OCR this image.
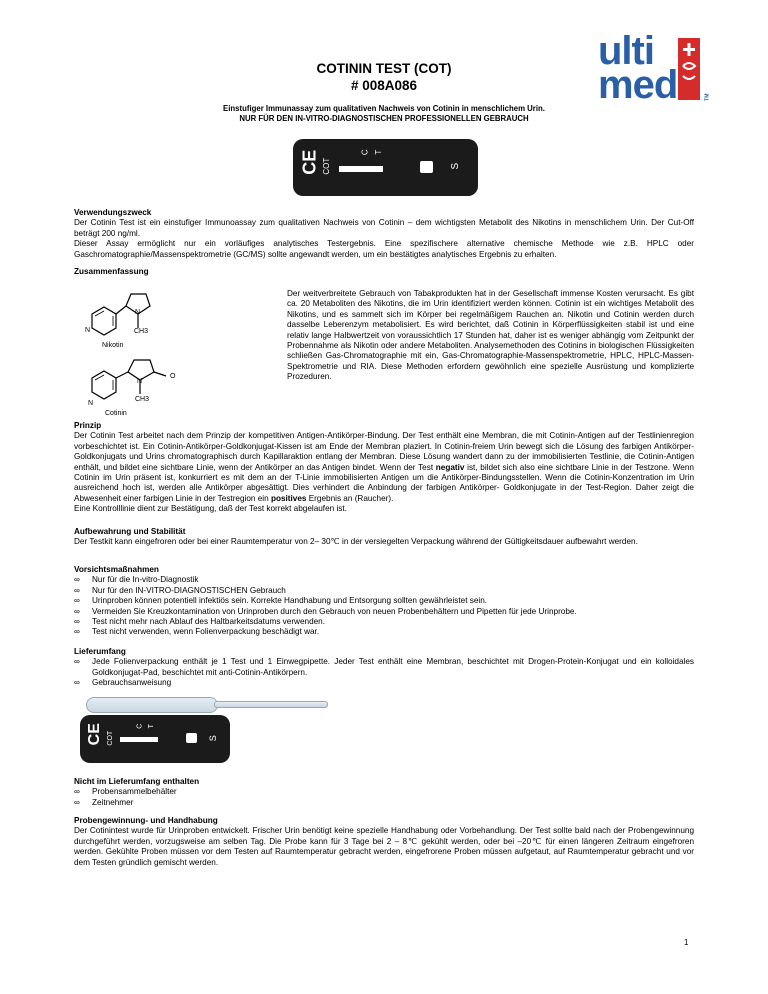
COTININ TEST (COT)
# 008A086
ulti
med	TM
Einstufiger Immunassay zum qualitativen Nachweis von Cotinin in menschlichem Urin.
NUR FÜR DEN IN-VITRO-DIAGNOSTISCHEN PROFESSIONELLEN GEBRAUCH
CE COT
C T
S
Verwendungszweck
Der Cotinin Test ist ein einstufiger Immunoassay zum qualitativen Nachweis von Cotinin – dem wichtigsten Metabolit des Nikotins in menschlichem Urin. Der Cut-Off beträgt 200 ng/ml.
Dieser Assay ermöglicht nur ein vorläufiges analytisches Testergebnis. Eine spezifischere alternative chemische Methode wie z.B. HPLC oder Gaschromatographie/Massenspektrometrie (GC/MS) sollte angewandt werden, um ein bestätigtes analytisches Ergebnis zu erhalten.
Zusammenfassung
Der weitverbreitete Gebrauch von Tabakprodukten hat in der Gesellschaft immense Kosten verursacht. Es gibt ca. 20 Metaboliten des Nikotins, die im Urin identifiziert werden können. Cotinin ist ein wichtiges Metabolit des Nikotins, und es sammelt sich im Körper bei regelmäßigem Rauchen an. Nikotin und Cotinin werden durch dasselbe Leberenzym metabolisiert. Es wird berichtet, daß Cotinin in Körperflüssigkeiten stabil ist und eine relativ lange Halbwertzeit von voraussichtlich 17 Stunden hat, daher ist es weniger abhängig vom Zeitpunkt der Probennahme als Nikotin oder andere Metaboliten. Analysemethoden des Cotinins in biologischen Flüssigkeiten schließen Gas-Chromatographie mit ein, Gas-Chromatographie-Massenspektrometrie, HPLC, HPLC-Massen-Spektrometrie und RIA. Diese Methoden erfordern gewöhnlich eine spezielle Ausrüstung und komplizierte Prozeduren.
N
N
CH3
Nikotin
O
N
N
CH3
Cotinin
Prinzip
Der Cotinin Test arbeitet nach dem Prinzip der kompetitiven Antigen-Antikörper-Bindung. Der Test enthält eine Membran, die mit Cotinin-Antigen auf der Testlinienregion vorbeschichtet ist. Ein Cotinin-Antikörper-Goldkonjugat-Kissen ist am Ende der Membran plaziert. In Cotinin-freiem Urin bewegt sich die Lösung des farbigen Antikörper-Goldkonjugats und Urins chromatographisch durch Kapillaraktion entlang der Membran. Diese Lösung wandert dann zu der immobilisierten Testlinie, die Cotinin-Antigen enthält, und bildet eine sichtbare Linie, wenn der Antikörper an das Antigen bindet. Wenn der Test negativ ist, bildet sich also eine sichtbare Linie in der Testzone. Wenn Cotinin im Urin präsent ist, konkurriert es mit dem an der T-Linie immobilisierten Antigen um die Antikörper-Bindungsstellen. Wenn die Cotinin-Konzentration im Urin ausreichend hoch ist, werden alle Antikörper abgesättigt. Dies verhindert die Anbindung der farbigen Antikörper- Goldkonjugate in der Test-Region. Daher zeigt die Abwesenheit einer farbigen Linie in der Testregion ein positives Ergebnis an (Raucher).
Eine Kontrolllinie dient zur Bestätigung, daß der Test korrekt abgelaufen ist.
Aufbewahrung und Stabilität
Der Testkit kann eingefroren oder bei einer Raumtemperatur von 2– 30℃ in der versiegelten Verpackung während der Gültigkeitsdauer aufbewahrt werden.
Vorsichtsmaßnahmen
∞ Nur für die In-vitro-Diagnostik
∞ Nur für den IN-VITRO-DIAGNOSTISCHEN Gebrauch
∞ Urinproben können potentiell infektiös sein. Korrekte Handhabung und Entsorgung sollten gewährleistet sein.
∞ Vermeiden Sie Kreuzkontamination von Urinproben durch den Gebrauch von neuen Probenbehältern und Pipetten für jede Urinprobe.
∞ Test nicht mehr nach Ablauf des Haltbarkeitsdatums verwenden.
∞ Test nicht verwenden, wenn Folienverpackung beschädigt war.
Lieferumfang
∞ Jede Folienverpackung enthält je 1 Test und 1 Einwegpipette. Jeder Test enthält eine Membran, beschichtet mit Drogen-Protein-Konjugat und ein kolloidales Goldkonjugat-Pad, beschichtet mit anti-Cotinin-Antikörpern.
∞ Gebrauchsanweisung
CE COT
C T
S
Nicht im Lieferumfang enthalten
∞ Probensammelbehälter
∞ Zeitnehmer
Probengewinnung- und Handhabung
Der Cotinintest wurde für Urinproben entwickelt. Frischer Urin benötigt keine spezielle Handhabung oder Vorbehandlung. Der Test sollte bald nach der Probengewinnung durchgeführt werden, vorzugsweise am selben Tag. Die Probe kann für 3 Tage bei 2 – 8℃ gekühlt werden, oder bei –20℃ für einen längeren Zeitraum eingefroren werden. Gekühlte Proben müssen vor dem Testen auf Raumtemperatur gebracht werden, eingefrorene Proben müssen aufgetaut, auf Raumtemperatur gebracht und vor dem Testen gründlich gemischt werden.
1
